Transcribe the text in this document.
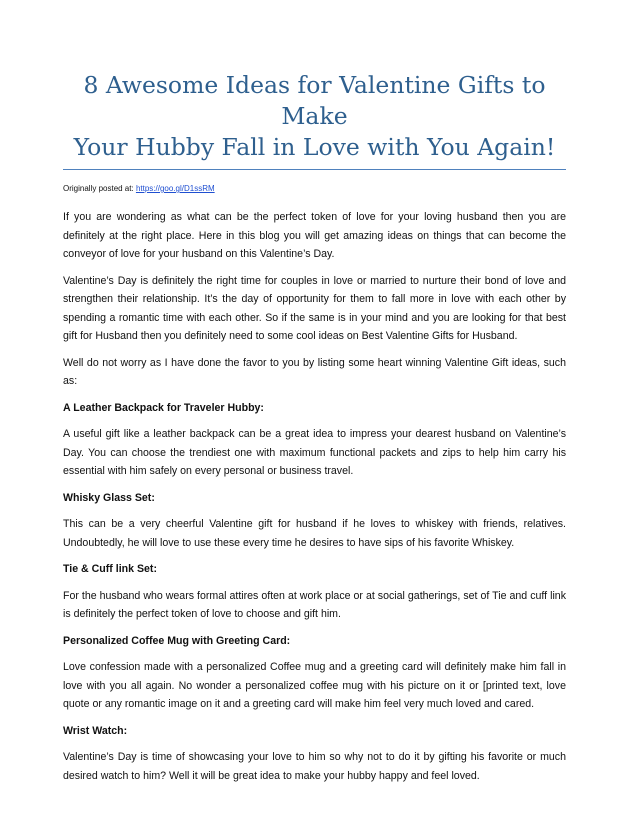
8 Awesome Ideas for Valentine Gifts to Make
Your Hubby Fall in Love with You Again!
Originally posted at: https://goo.gl/D1ssRM

If you are wondering as what can be the perfect token of love for your loving husband then you are definitely at the right place. Here in this blog you will get amazing ideas on things that can become the conveyor of love for your husband on this Valentine’s Day.

Valentine’s Day is definitely the right time for couples in love or married to nurture their bond of love and strengthen their relationship. It’s the day of opportunity for them to fall more in love with each other by spending a romantic time with each other. So if the same is in your mind and you are looking for that best gift for Husband then you definitely need to some cool ideas on Best Valentine Gifts for Husband.

Well do not worry as I have done the favor to you by listing some heart winning Valentine Gift ideas, such as:

A Leather Backpack for Traveler Hubby:

A useful gift like a leather backpack can be a great idea to impress your dearest husband on Valentine’s Day. You can choose the trendiest one with maximum functional packets and zips to help him carry his essential with him safely on every personal or business travel.

Whisky Glass Set:

This can be a very cheerful Valentine gift for husband if he loves to whiskey with friends, relatives. Undoubtedly, he will love to use these every time he desires to have sips of his favorite Whiskey.

Tie & Cuff link Set:

For the husband who wears formal attires often at work place or at social gatherings, set of Tie and cuff link is definitely the perfect token of love to choose and gift him.

Personalized Coffee Mug with Greeting Card:

Love confession made with a personalized Coffee mug and a greeting card will definitely make him fall in love with you all again. No wonder a personalized coffee mug with his picture on it or [printed text, love quote or any romantic image on it and a greeting card will make him feel very much loved and cared.

Wrist Watch:

Valentine’s Day is time of showcasing your love to him so why not to do it by gifting his favorite or much desired watch to him? Well it will be great idea to make your hubby happy and feel loved.
